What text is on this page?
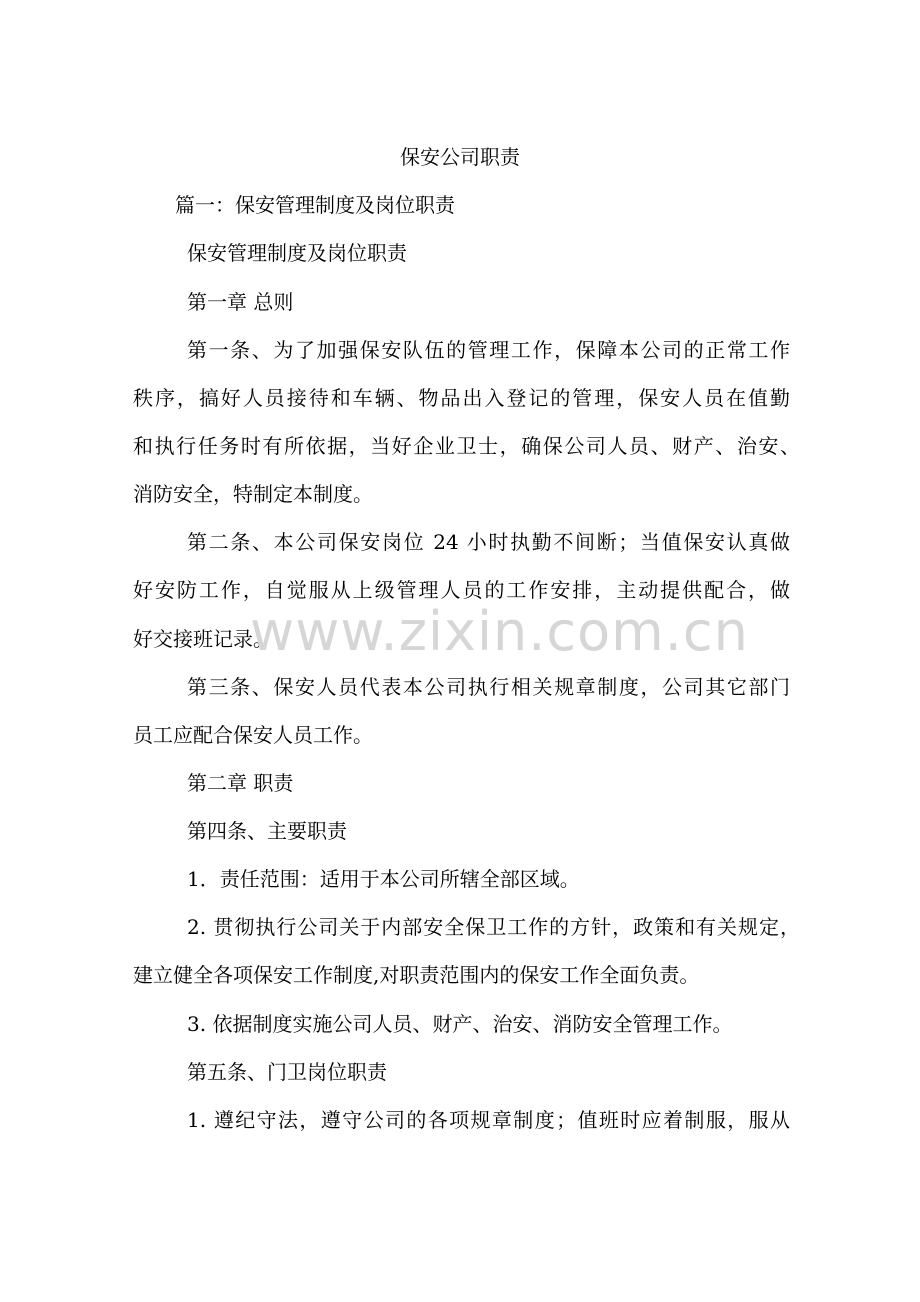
保安公司职责
篇一：保安管理制度及岗位职责
保安管理制度及岗位职责
第一章 总则
第一条、为了加强保安队伍的管理工作，保障本公司的正常工作
秩序，搞好人员接待和车辆、物品出入登记的管理，保安人员在值勤
和执行任务时有所依据，当好企业卫士，确保公司人员、财产、治安、
消防安全，特制定本制度。
第二条、本公司保安岗位 24 小时执勤不间断；当值保安认真做
好安防工作，自觉服从上级管理人员的工作安排，主动提供配合，做
好交接班记录。
第三条、保安人员代表本公司执行相关规章制度，公司其它部门
员工应配合保安人员工作。
第二章 职责
第四条、主要职责
1．责任范围：适用于本公司所辖全部区域。
2. 贯彻执行公司关于内部安全保卫工作的方针，政策和有关规定，
建立健全各项保安工作制度,对职责范围内的保安工作全面负责。
3. 依据制度实施公司人员、财产、治安、消防安全管理工作。
第五条、门卫岗位职责
1. 遵纪守法，遵守公司的各项规章制度；值班时应着制服，服从
www.zixin.com.cn
